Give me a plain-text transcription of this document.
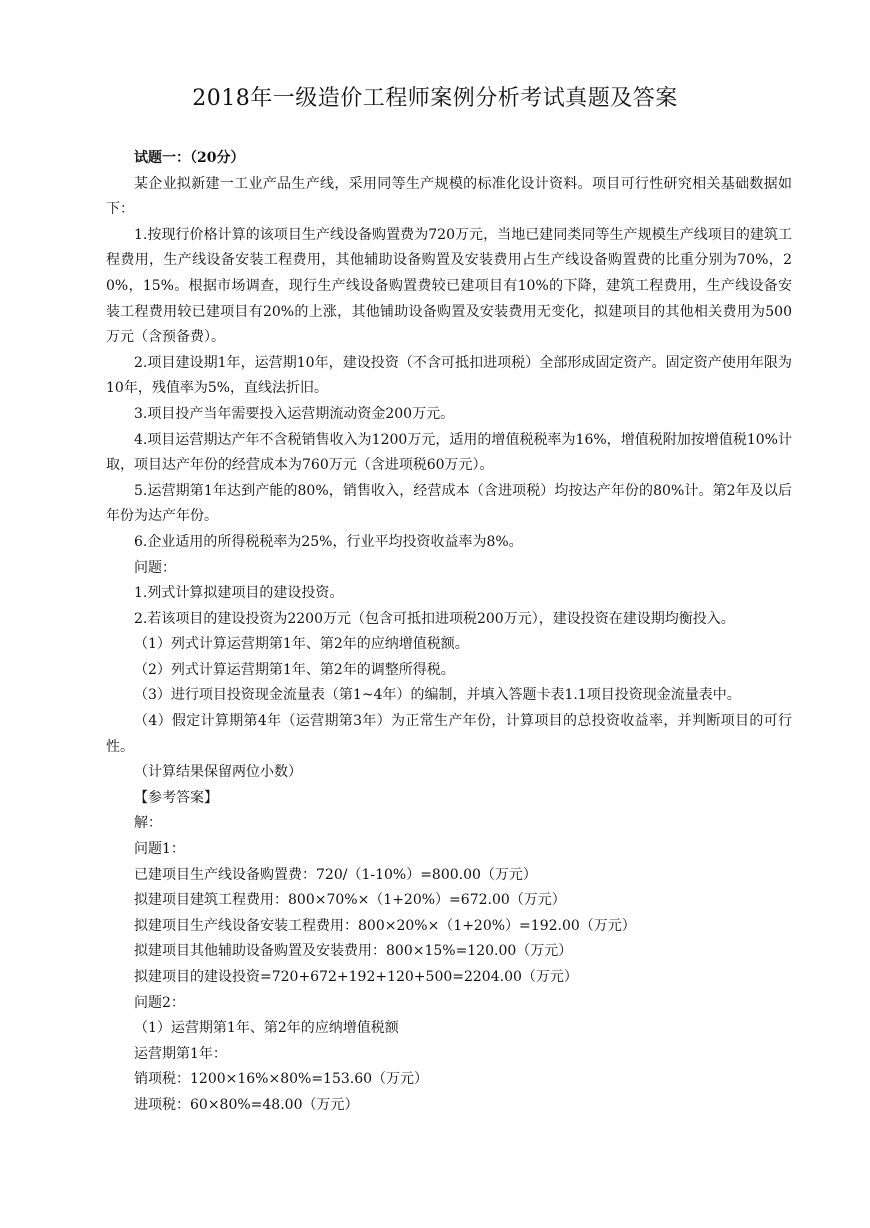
2018年一级造价工程师案例分析考试真题及答案

试题一：（20分）

某企业拟新建一工业产品生产线，采用同等生产规模的标准化设计资料。项目可行性研究相关基础数据如下：

1.按现行价格计算的该项目生产线设备购置费为720万元，当地已建同类同等生产规模生产线项目的建筑工程费用，生产线设备安装工程费用，其他辅助设备购置及安装费用占生产线设备购置费的比重分别为70%，20%，15%。根据市场调查，现行生产线设备购置费较已建项目有10%的下降，建筑工程费用，生产线设备安装工程费用较已建项目有20%的上涨，其他铺助设备购置及安装费用无变化，拟建项目的其他相关费用为500万元（含预备费）。

2.项目建设期1年，运营期10年，建设投资（不含可抵扣进项税）全部形成固定资产。固定资产使用年限为10年，残值率为5%，直线法折旧。

3.项目投产当年需要投入运营期流动资金200万元。

4.项目运营期达产年不含税销售收入为1200万元，适用的增值税税率为16%，增值税附加按增值税10%计取，项目达产年份的经营成本为760万元（含进项税60万元）。

5.运营期第1年达到产能的80%，销售收入，经营成本（含进项税）均按达产年份的80%计。第2年及以后年份为达产年份。

6.企业适用的所得税税率为25%，行业平均投资收益率为8%。

问题：

1.列式计算拟建项目的建设投资。

2.若该项目的建设投资为2200万元（包含可抵扣进项税200万元），建设投资在建设期均衡投入。

（1）列式计算运营期第1年、第2年的应纳增值税额。

（2）列式计算运营期第1年、第2年的调整所得税。

（3）进行项目投资现金流量表（第1~4年）的编制，并填入答题卡表1.1项目投资现金流量表中。

（4）假定计算期第4年（运营期第3年）为正常生产年份，计算项目的总投资收益率，并判断项目的可行性。

（计算结果保留两位小数）

【参考答案】

解：

问题1：

已建项目生产线设备购置费：720/（1-10%）=800.00（万元）

拟建项目建筑工程费用：800×70%×（1+20%）=672.00（万元）

拟建项目生产线设备安装工程费用：800×20%×（1+20%）=192.00（万元）

拟建项目其他辅助设备购置及安装费用：800×15%=120.00（万元）

拟建项目的建设投资=720+672+192+120+500=2204.00（万元）

问题2：

（1）运营期第1年、第2年的应纳增值税额

运营期第1年：

销项税：1200×16%×80%=153.60（万元）

进项税：60×80%=48.00（万元）
